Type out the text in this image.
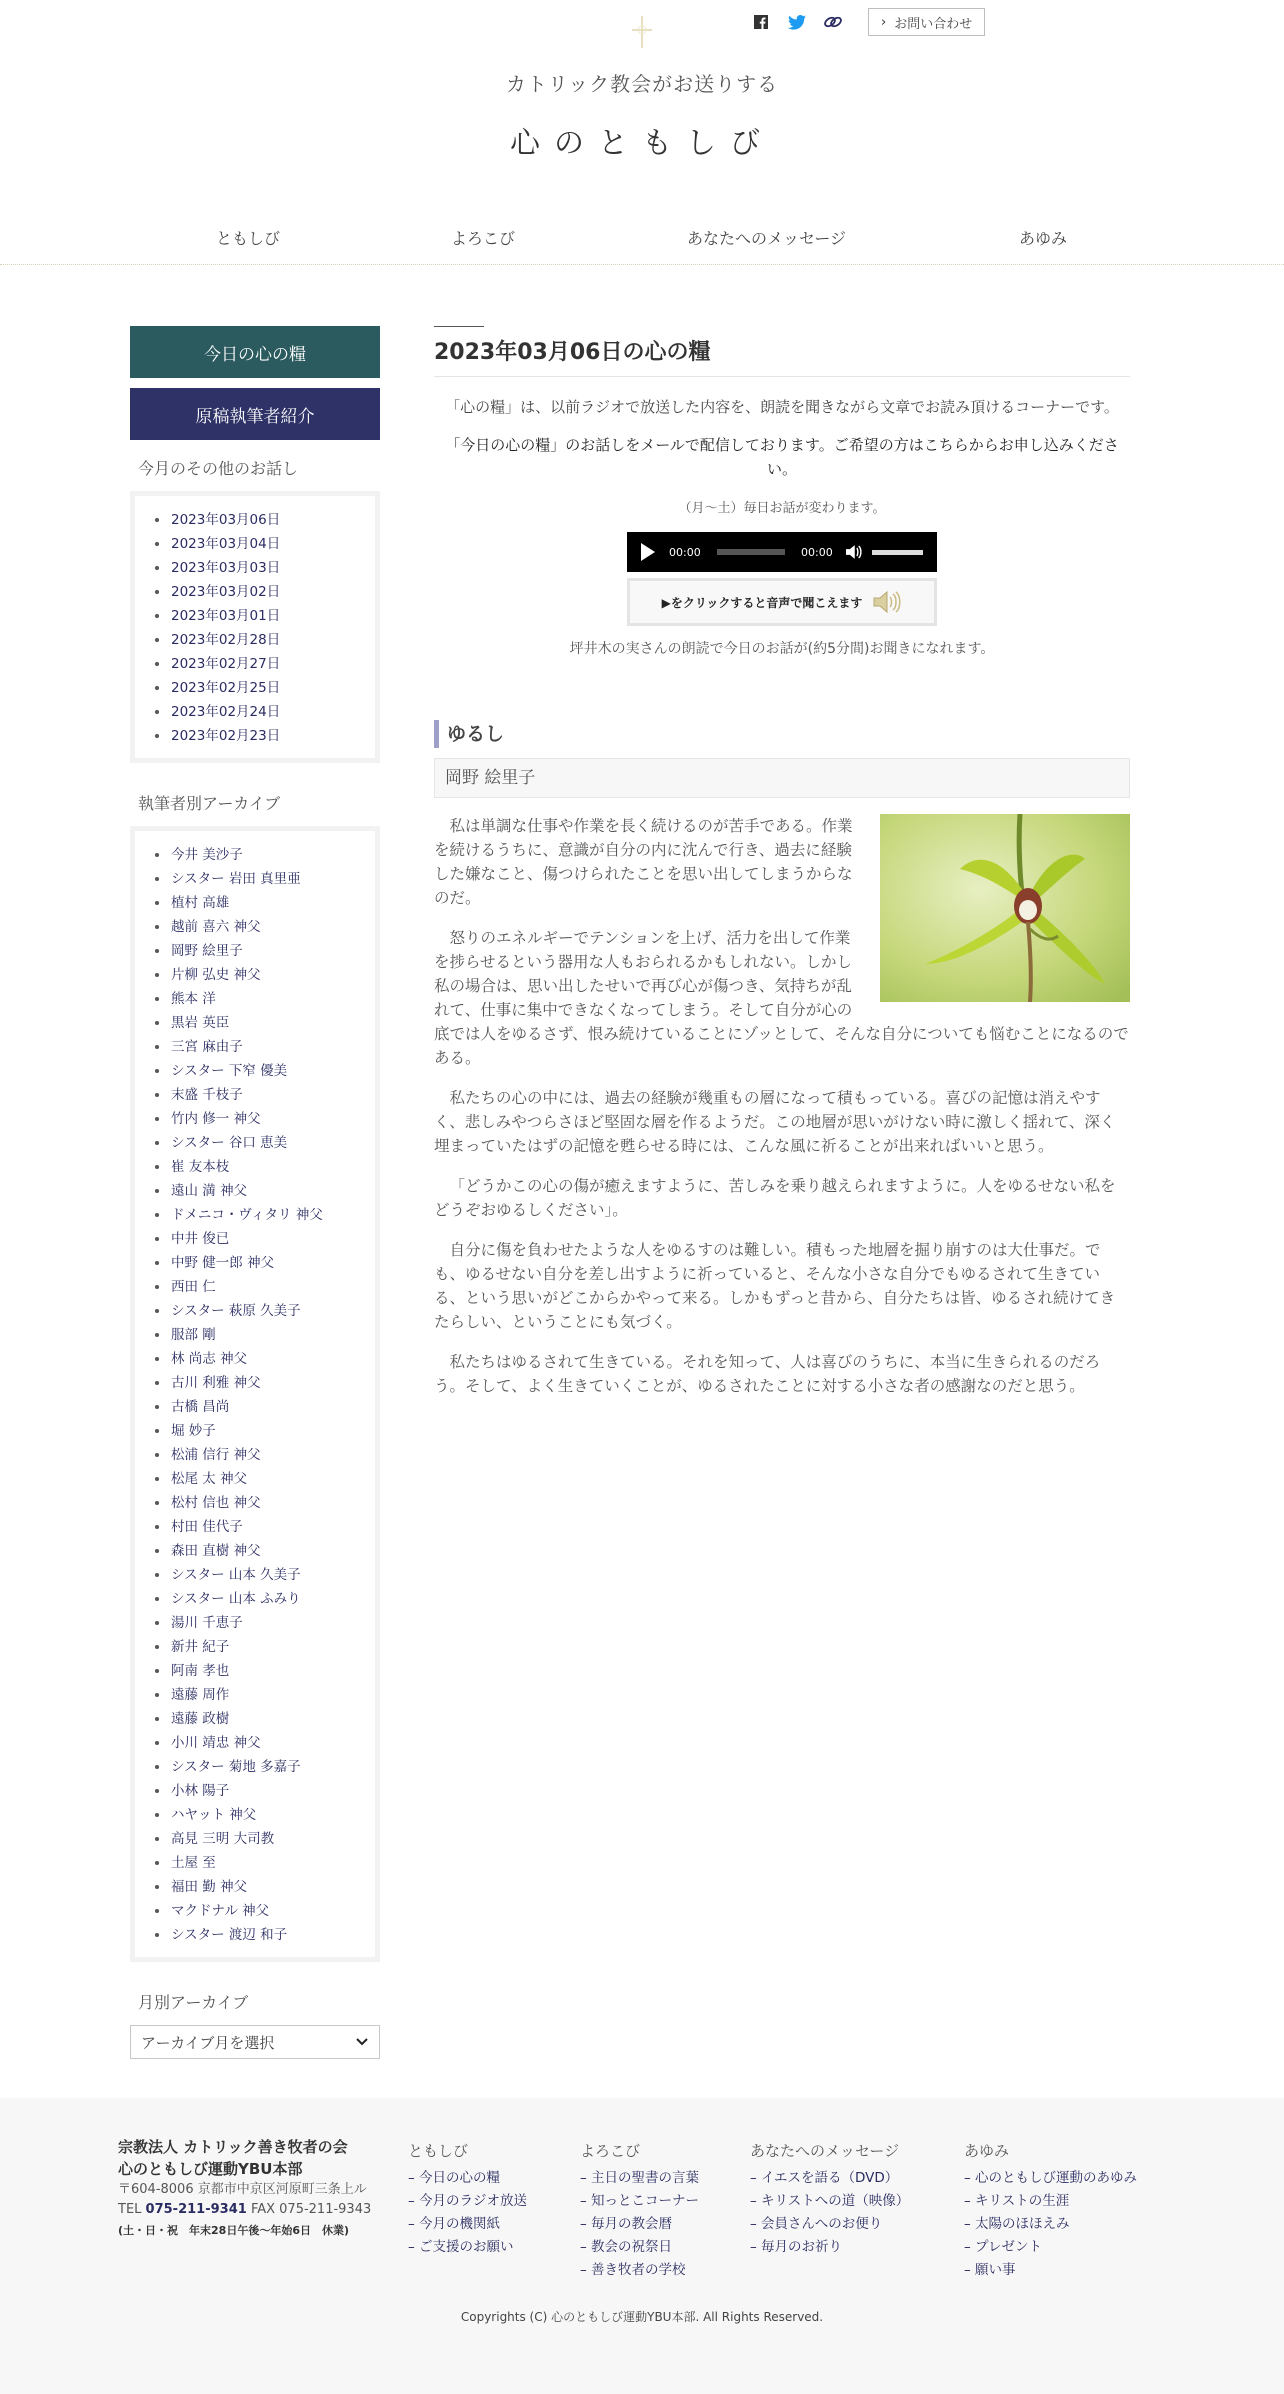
› お問い合わせ
カトリック教会がお送りする
心のともしび
ともしび	よろこび	あなたへのメッセージ	あゆみ
今日の心の糧
原稿執筆者紹介
今月のその他のお話し
2023年03月06日
2023年03月04日
2023年03月03日
2023年03月02日
2023年03月01日
2023年02月28日
2023年02月27日
2023年02月25日
2023年02月24日
2023年02月23日
執筆者別アーカイブ
今井 美沙子
シスター 岩田 真里亜
植村 高雄
越前 喜六 神父
岡野 絵里子
片柳 弘史 神父
熊本 洋
黒岩 英臣
三宮 麻由子
シスター 下窄 優美
末盛 千枝子
竹内 修一 神父
シスター 谷口 恵美
崔 友本枝
遠山 満 神父
ドメニコ・ヴィタリ 神父
中井 俊已
中野 健一郎 神父
西田 仁
シスター 萩原 久美子
服部 剛
林 尚志 神父
古川 利雅 神父
古橋 昌尚
堀 妙子
松浦 信行 神父
松尾 太 神父
松村 信也 神父
村田 佳代子
森田 直樹 神父
シスター 山本 久美子
シスター 山本 ふみり
湯川 千恵子
新井 紀子
阿南 孝也
遠藤 周作
遠藤 政樹
小川 靖忠 神父
シスター 菊地 多嘉子
小林 陽子
ハヤット 神父
高見 三明 大司教
土屋 至
福田 勤 神父
マクドナル 神父
シスター 渡辺 和子
月別アーカイブ
アーカイブ月を選択
2023年03月06日の心の糧

「心の糧」は、以前ラジオで放送した内容を、朗読を聞きながら文章でお読み頂けるコーナーです。

「今日の心の糧」のお話しをメールで配信しております。ご希望の方はこちらからお申し込みください。

（月～土）毎日お話が変わります。

00:00	00:00
▶をクリックすると音声で聞こえます

坪井木の実さんの朗読で今日のお話が(約5分間)お聞きになれます。

ゆるし
岡野 絵里子

私は単調な仕事や作業を長く続けるのが苦手である。作業を続けるうちに、意識が自分の内に沈んで行き、過去に経験した嫌なこと、傷つけられたことを思い出してしまうからなのだ。

怒りのエネルギーでテンションを上げ、活力を出して作業を捗らせるという器用な人もおられるかもしれない。しかし私の場合は、思い出したせいで再び心が傷つき、気持ちが乱れて、仕事に集中できなくなってしまう。そして自分が心の底では人をゆるさず、恨み続けていることにゾッとして、そんな自分についても悩むことになるのである。

私たちの心の中には、過去の経験が幾重もの層になって積もっている。喜びの記憶は消えやすく、悲しみやつらさほど堅固な層を作るようだ。この地層が思いがけない時に激しく揺れて、深く埋まっていたはずの記憶を甦らせる時には、こんな風に祈ることが出来ればいいと思う。

「どうかこの心の傷が癒えますように、苦しみを乗り越えられますように。人をゆるせない私をどうぞおゆるしください」。

自分に傷を負わせたような人をゆるすのは難しい。積もった地層を掘り崩すのは大仕事だ。でも、ゆるせない自分を差し出すように祈っていると、そんな小さな自分でもゆるされて生きている、という思いがどこからかやって来る。しかもずっと昔から、自分たちは皆、ゆるされ続けてきたらしい、ということにも気づく。

私たちはゆるされて生きている。それを知って、人は喜びのうちに、本当に生きられるのだろう。そして、よく生きていくことが、ゆるされたことに対する小さな者の感謝なのだと思う。

宗教法人 カトリック善き牧者の会
心のともしび運動YBU本部
〒604-8006 京都市中京区河原町三条上ル
TEL 075-211-9341 FAX 075-211-9343
(土・日・祝　年末28日午後〜年始6日　休業)
ともしび
– 今日の心の糧
– 今月のラジオ放送
– 今月の機関紙
– ご支援のお願い
よろこび
– 主日の聖書の言葉
– 知っとこコーナー
– 毎月の教会暦
– 教会の祝祭日
– 善き牧者の学校
あなたへのメッセージ
– イエスを語る（DVD）
– キリストへの道（映像）
– 会員さんへのお便り
– 毎月のお祈り
あゆみ
– 心のともしび運動のあゆみ
– キリストの生涯
– 太陽のほほえみ
– プレゼント
– 願い事
Copyrights (C) 心のともしび運動YBU本部. All Rights Reserved.
